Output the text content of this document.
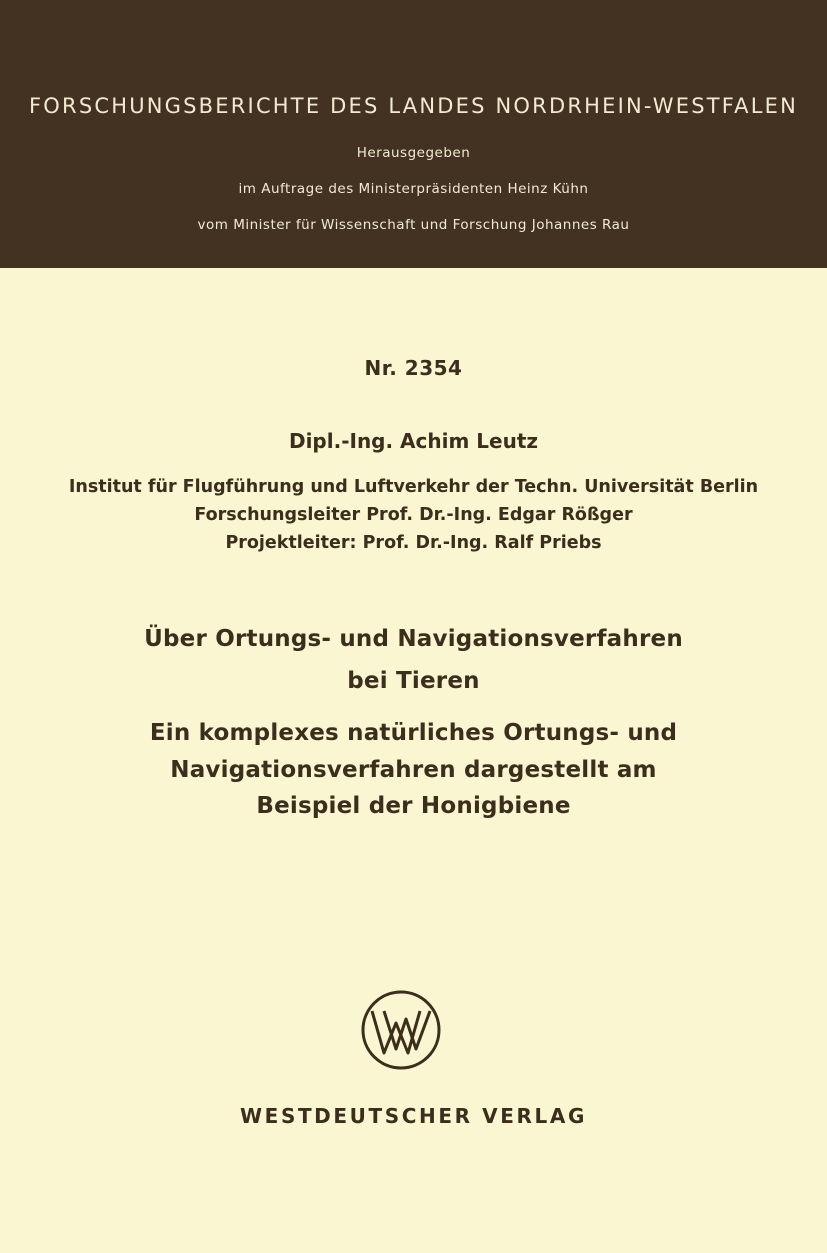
FORSCHUNGSBERICHTE DES LANDES NORDRHEIN-WESTFALEN
Herausgegeben
im Auftrage des Ministerpräsidenten Heinz Kühn
vom Minister für Wissenschaft und Forschung Johannes Rau
Nr. 2354
Dipl.-Ing. Achim Leutz
Institut für Flugführung und Luftverkehr der Techn. Universität Berlin
Forschungsleiter Prof. Dr.-Ing. Edgar Rößger
Projektleiter: Prof. Dr.-Ing. Ralf Priebs
Über Ortungs- und Navigationsverfahren
bei Tieren
Ein komplexes natürliches Ortungs- und
Navigationsverfahren dargestellt am
Beispiel der Honigbiene
WESTDEUTSCHER VERLAG
